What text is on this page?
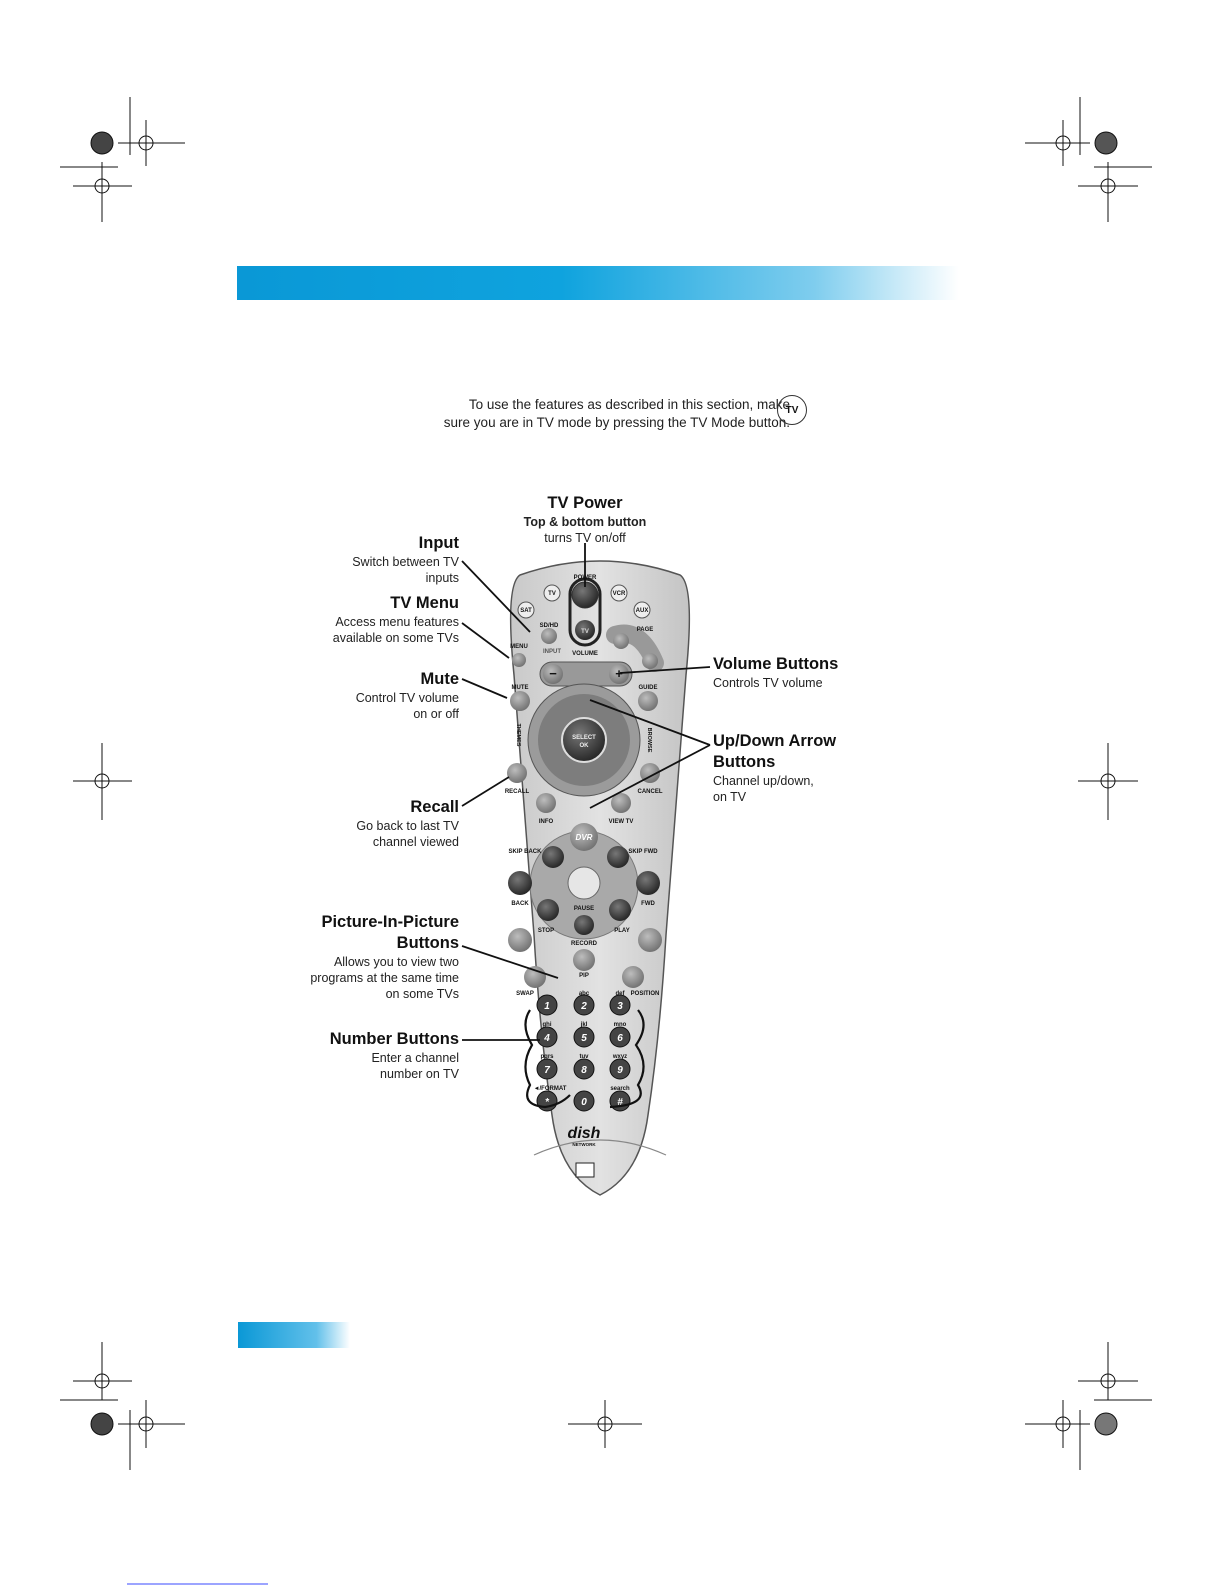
To use the features as described in this section, make

sure you are in TV mode by pressing the TV Mode button.

TV
−	+
1	2	3
4	5	6
7	8	9
*	0	#
POWER
TV
TV
SAT
VCR
AUX
SD/HD
INPUT
MENU
PAGE
VOLUME
MUTE	GUIDE
SELECT
OK
RECALL	CANCEL
INFO	VIEW TV
DVR
SKIP BACK	SKIP FWD
BACK	FWD
PAUSE
STOP	PLAY
RECORD
PIP
SWAP	POSITION
abc	def
ghi	jkl	mno
pqrs	tuv	wxyz
◄/FORMAT	search
dish
NETWORK
THEMES	BROWSE
TV Power
Top & bottom button
turns TV on/off
Input
Switch between TV
inputs
TV Menu
Access menu features
available on some TVs
Mute
Control TV volume
on or off
Recall
Go back to last TV
channel viewed
Picture-In-Picture
Buttons
Allows you to view two
programs at the same time
on some TVs
Number Buttons
Enter a channel
number on TV
Volume Buttons
Controls TV volume
Up/Down Arrow
Buttons
Channel up/down,
on TV
